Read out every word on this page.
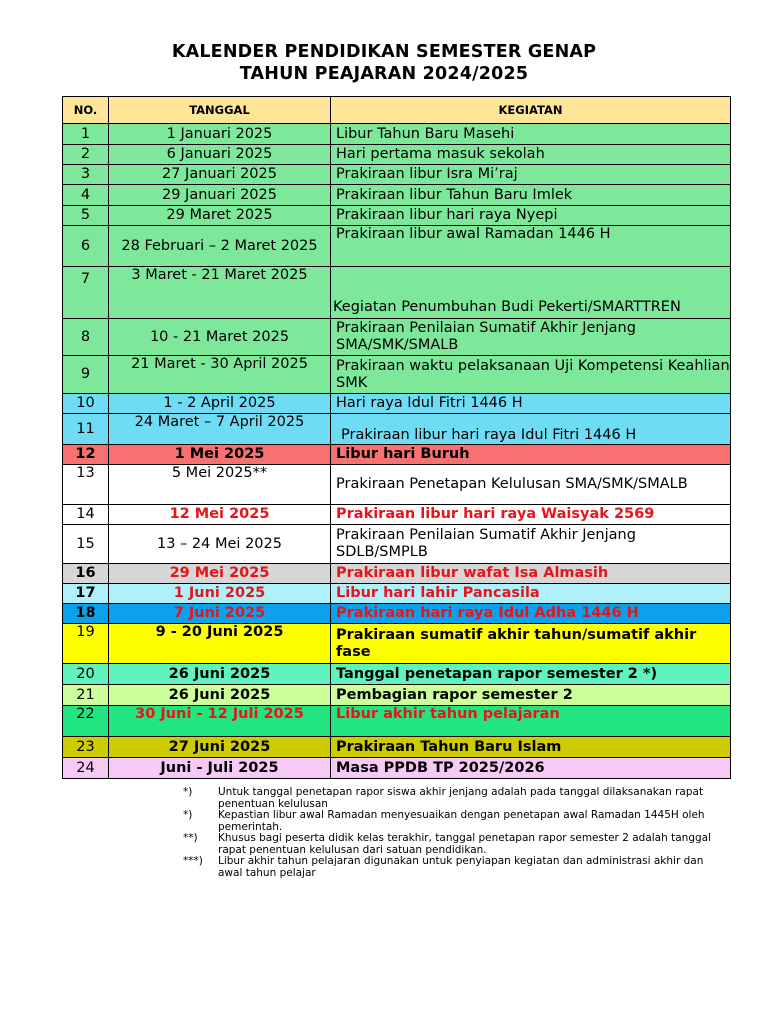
KALENDER PENDIDIKAN SEMESTER GENAP
TAHUN PEAJARAN 2024/2025
NO.	TANGGAL	KEGIATAN
1	1 Januari 2025	Libur Tahun Baru Masehi
2	6 Januari 2025	Hari pertama masuk sekolah
3	27 Januari 2025	Prakiraan libur Isra Mi’raj
4	29 Januari 2025	Prakiraan libur Tahun Baru Imlek
5	29 Maret 2025	Prakiraan libur hari raya Nyepi
6	28 Februari – 2 Maret 2025	Prakiraan libur awal Ramadan 1446 H
7	3 Maret - 21 Maret 2025	Kegiatan Penumbuhan Budi Pekerti/SMARTTREN
8	10 - 21 Maret 2025	Prakiraan Penilaian Sumatif Akhir Jenjang SMA/SMK/SMALB
9	21 Maret - 30 April 2025	Prakiraan waktu pelaksanaan Uji Kompetensi Keahlian SMK
10	1 - 2 April 2025	Hari raya Idul Fitri 1446 H
11	24 Maret – 7 April 2025	Prakiraan libur hari raya Idul Fitri 1446 H
12	1 Mei 2025	Libur hari Buruh
13	5 Mei 2025**	Prakiraan Penetapan Kelulusan SMA/SMK/SMALB
14	12 Mei 2025	Prakiraan libur hari raya Waisyak 2569
15	13 – 24 Mei 2025	Prakiraan Penilaian Sumatif Akhir Jenjang SDLB/SMPLB
16	29 Mei 2025	Prakiraan libur wafat Isa Almasih
17	1 Juni 2025	Libur hari lahir Pancasila
18	7 Juni 2025	Prakiraan hari raya Idul Adha 1446 H
19	9 - 20 Juni 2025	Prakiraan sumatif akhir tahun/sumatif akhir fase
20	26 Juni 2025	Tanggal penetapan rapor semester 2 *)
21	26 Juni 2025	Pembagian rapor semester 2
22	30 Juni - 12 Juli 2025	Libur akhir tahun pelajaran
23	27 Juni 2025	Prakiraan Tahun Baru Islam
24	Juni - Juli 2025	Masa PPDB TP 2025/2026
*)	Untuk tanggal penetapan rapor siswa akhir jenjang adalah pada tanggal dilaksanakan rapat penentuan kelulusan
*)	Kepastian libur awal Ramadan menyesuaikan dengan penetapan awal Ramadan 1445H oleh pemerintah.
**)	Khusus bagi peserta didik kelas terakhir, tanggal penetapan rapor semester 2 adalah tanggal rapat penentuan kelulusan dari satuan pendidikan.
***)	Libur akhir tahun pelajaran digunakan untuk penyiapan kegiatan dan administrasi akhir dan awal tahun pelajar
